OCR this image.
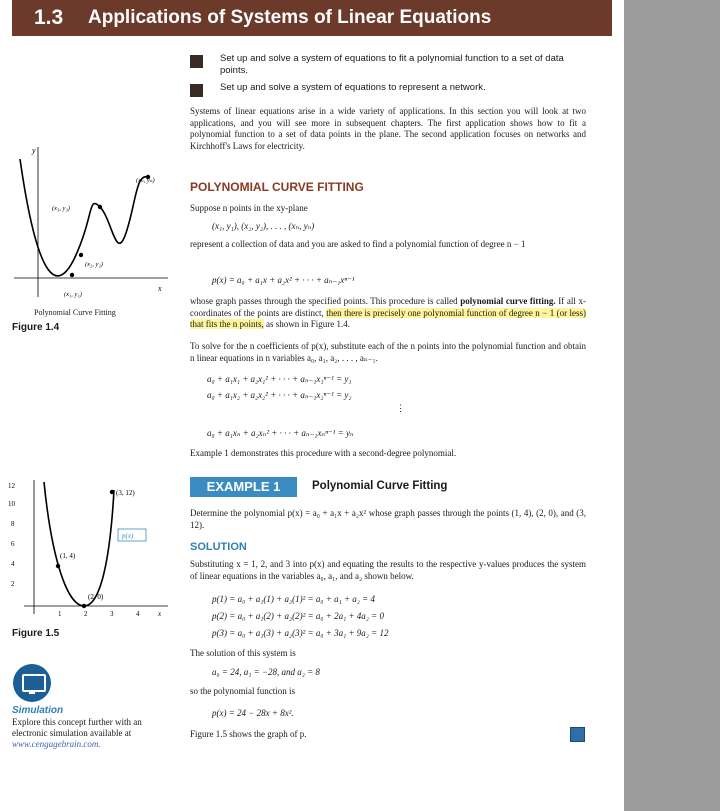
1.3 Applications of Systems of Linear Equations
Set up and solve a system of equations to fit a polynomial function to a set of data points.
Set up and solve a system of equations to represent a network.
Systems of linear equations arise in a wide variety of applications. In this section you will look at two applications, and you will see more in subsequent chapters. The first application shows how to fit a polynomial function to a set of data points in the plane. The second application focuses on networks and Kirchhoff's Laws for electricity.
POLYNOMIAL CURVE FITTING
Suppose n points in the xy-plane
(x₁, y₁), (x₂, y₂), . . . , (xₙ, yₙ)
represent a collection of data and you are asked to find a polynomial function of degree n − 1
p(x) = a₀ + a₁x + a₂x² + · · · + aₙ₋₁xⁿ⁻¹
whose graph passes through the specified points. This procedure is called polynomial curve fitting. If all x-coordinates of the points are distinct, then there is precisely one polynomial function of degree n − 1 (or less) that fits the n points, as shown in Figure 1.4.
To solve for the n coefficients of p(x), substitute each of the n points into the polynomial function and obtain n linear equations in n variables a₀, a₁, a₂, . . . , aₙ₋₁.
a₀ + a₁x₁ + a₂x₁² + · · · + aₙ₋₁x₁ⁿ⁻¹ = y₁
a₀ + a₁x₂ + a₂x₂² + · · · + aₙ₋₁x₂ⁿ⁻¹ = y₂
⋮
a₀ + a₁xₙ + a₂xₙ² + · · · + aₙ₋₁xₙⁿ⁻¹ = yₙ
Example 1 demonstrates this procedure with a second-degree polynomial.
EXAMPLE 1	Polynomial Curve Fitting
Determine the polynomial p(x) = a₀ + a₁x + a₂x² whose graph passes through the points (1, 4), (2, 0), and (3, 12).
SOLUTION
Substituting x = 1, 2, and 3 into p(x) and equating the results to the respective y-values produces the system of linear equations in the variables a₀, a₁, and a₂ shown below.
p(1) = a₀ + a₁(1) + a₂(1)² = a₀ + a₁ + a₂ = 4
p(2) = a₀ + a₁(2) + a₂(2)² = a₀ + 2a₁ + 4a₂ = 0
p(3) = a₀ + a₁(3) + a₂(3)² = a₀ + 3a₁ + 9a₂ = 12
The solution of this system is
a₀ = 24, a₁ = −28, and a₂ = 8
so the polynomial function is
p(x) = 24 − 28x + 8x².
Figure 1.5 shows the graph of p.
x
y
(x₁, y₁)
(x₂, y₂)
(x₃, y₃)
(xₙ, yₙ)
Polynomial Curve Fitting
Figure 1.4
2
4
6
8
10
12
1	2	3	4	x
(1, 4)
(2, 0)
(3, 12)
p(x)
Figure 1.5
Simulation
Explore this concept further with an electronic simulation available at www.cengagebrain.com.
